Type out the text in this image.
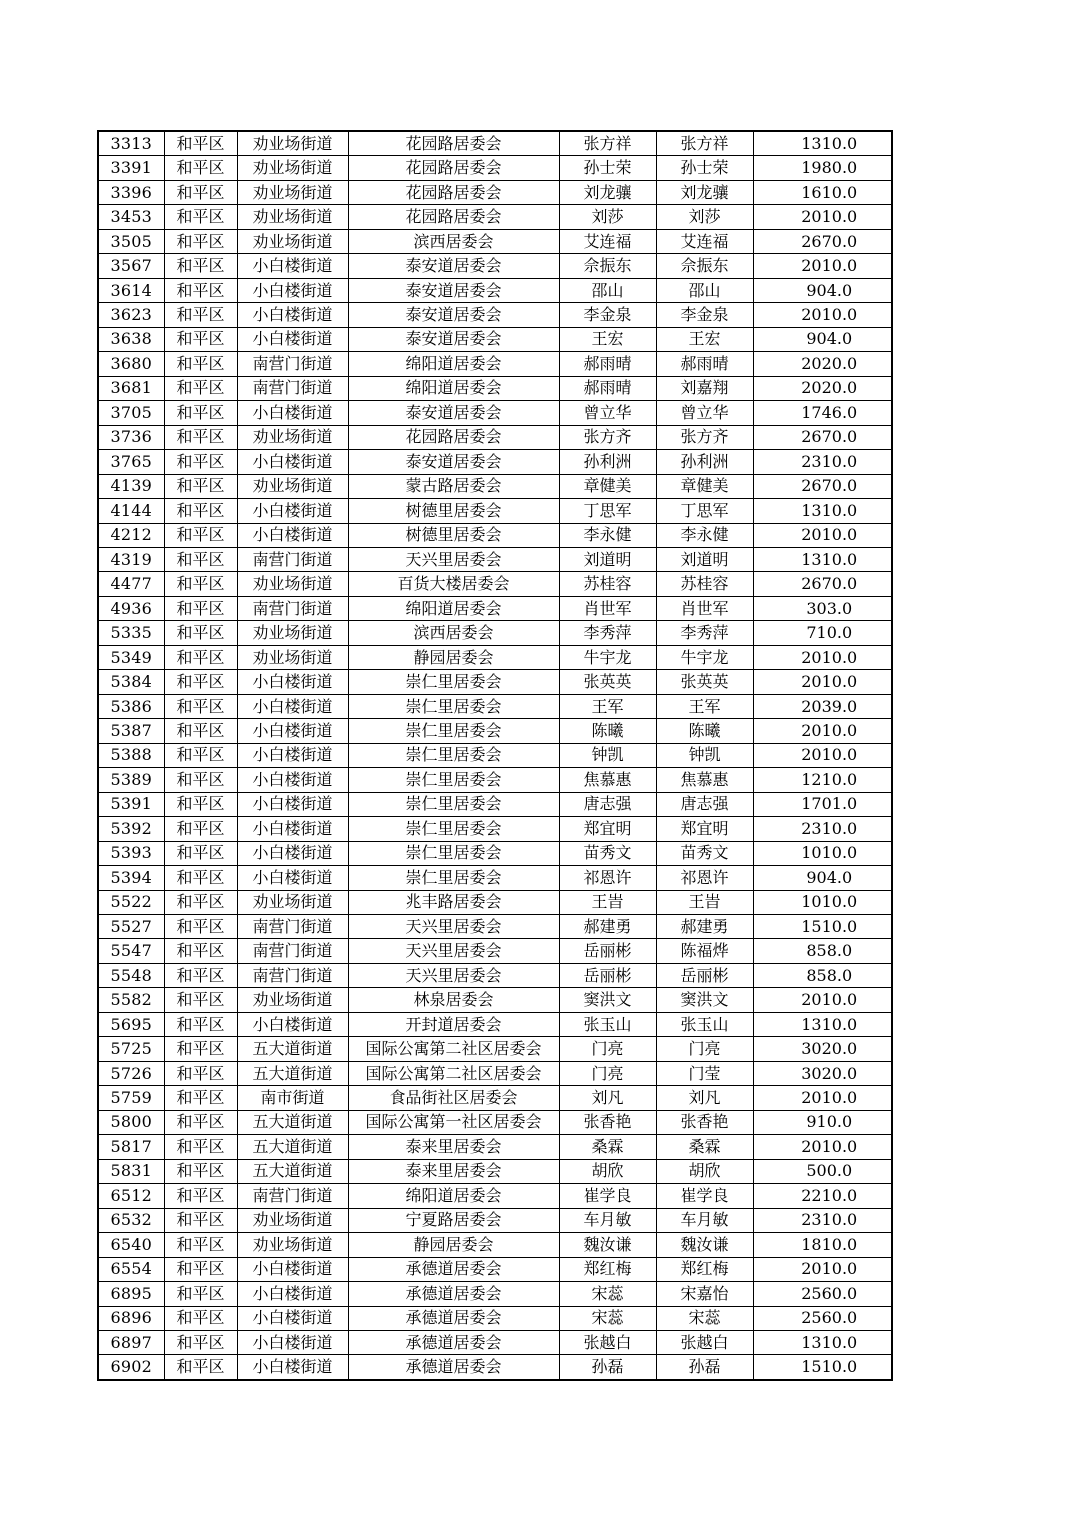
3313	和平区	劝业场街道	花园路居委会	张方祥	张方祥	1310.0
3391	和平区	劝业场街道	花园路居委会	孙士荣	孙士荣	1980.0
3396	和平区	劝业场街道	花园路居委会	刘龙骧	刘龙骧	1610.0
3453	和平区	劝业场街道	花园路居委会	刘莎	刘莎	2010.0
3505	和平区	劝业场街道	滨西居委会	艾连福	艾连福	2670.0
3567	和平区	小白楼街道	泰安道居委会	佘振东	佘振东	2010.0
3614	和平区	小白楼街道	泰安道居委会	邵山	邵山	904.0
3623	和平区	小白楼街道	泰安道居委会	李金泉	李金泉	2010.0
3638	和平区	小白楼街道	泰安道居委会	王宏	王宏	904.0
3680	和平区	南营门街道	绵阳道居委会	郝雨晴	郝雨晴	2020.0
3681	和平区	南营门街道	绵阳道居委会	郝雨晴	刘嘉翔	2020.0
3705	和平区	小白楼街道	泰安道居委会	曾立华	曾立华	1746.0
3736	和平区	劝业场街道	花园路居委会	张方齐	张方齐	2670.0
3765	和平区	小白楼街道	泰安道居委会	孙利洲	孙利洲	2310.0
4139	和平区	劝业场街道	蒙古路居委会	章健美	章健美	2670.0
4144	和平区	小白楼街道	树德里居委会	丁思军	丁思军	1310.0
4212	和平区	小白楼街道	树德里居委会	李永健	李永健	2010.0
4319	和平区	南营门街道	天兴里居委会	刘道明	刘道明	1310.0
4477	和平区	劝业场街道	百货大楼居委会	苏桂容	苏桂容	2670.0
4936	和平区	南营门街道	绵阳道居委会	肖世军	肖世军	303.0
5335	和平区	劝业场街道	滨西居委会	李秀萍	李秀萍	710.0
5349	和平区	劝业场街道	静园居委会	牛宇龙	牛宇龙	2010.0
5384	和平区	小白楼街道	崇仁里居委会	张英英	张英英	2010.0
5386	和平区	小白楼街道	崇仁里居委会	王军	王军	2039.0
5387	和平区	小白楼街道	崇仁里居委会	陈曦	陈曦	2010.0
5388	和平区	小白楼街道	崇仁里居委会	钟凯	钟凯	2010.0
5389	和平区	小白楼街道	崇仁里居委会	焦慕惠	焦慕惠	1210.0
5391	和平区	小白楼街道	崇仁里居委会	唐志强	唐志强	1701.0
5392	和平区	小白楼街道	崇仁里居委会	郑宜明	郑宜明	2310.0
5393	和平区	小白楼街道	崇仁里居委会	苗秀文	苗秀文	1010.0
5394	和平区	小白楼街道	崇仁里居委会	祁恩许	祁恩许	904.0
5522	和平区	劝业场街道	兆丰路居委会	王旹	王旹	1010.0
5527	和平区	南营门街道	天兴里居委会	郝建勇	郝建勇	1510.0
5547	和平区	南营门街道	天兴里居委会	岳丽彬	陈福烨	858.0
5548	和平区	南营门街道	天兴里居委会	岳丽彬	岳丽彬	858.0
5582	和平区	劝业场街道	林泉居委会	窦洪文	窦洪文	2010.0
5695	和平区	小白楼街道	开封道居委会	张玉山	张玉山	1310.0
5725	和平区	五大道街道	国际公寓第二社区居委会	门亮	门亮	3020.0
5726	和平区	五大道街道	国际公寓第二社区居委会	门亮	门莹	3020.0
5759	和平区	南市街道	食品街社区居委会	刘凡	刘凡	2010.0
5800	和平区	五大道街道	国际公寓第一社区居委会	张香艳	张香艳	910.0
5817	和平区	五大道街道	泰来里居委会	桑霖	桑霖	2010.0
5831	和平区	五大道街道	泰来里居委会	胡欣	胡欣	500.0
6512	和平区	南营门街道	绵阳道居委会	崔学良	崔学良	2210.0
6532	和平区	劝业场街道	宁夏路居委会	车月敏	车月敏	2310.0
6540	和平区	劝业场街道	静园居委会	魏汝谦	魏汝谦	1810.0
6554	和平区	小白楼街道	承德道居委会	郑红梅	郑红梅	2010.0
6895	和平区	小白楼街道	承德道居委会	宋蕊	宋嘉怡	2560.0
6896	和平区	小白楼街道	承德道居委会	宋蕊	宋蕊	2560.0
6897	和平区	小白楼街道	承德道居委会	张越白	张越白	1310.0
6902	和平区	小白楼街道	承德道居委会	孙磊	孙磊	1510.0
